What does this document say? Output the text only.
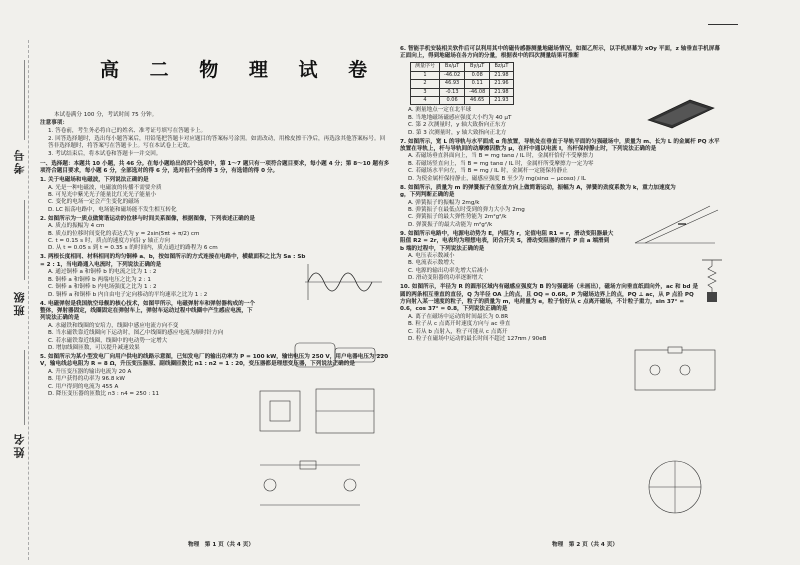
考号
班级
姓名
高 二 物 理 试 卷
本试卷满分 100 分，考试时间 75 分钟。
注意事项：
1. 答卷前，考生务必将自己的姓名、准考证号填写在答题卡上。
2. 回答选择题时，选出每小题答案后，用铅笔把答题卡对应题目的答案标号涂黑。如需改动，用橡皮擦干净后，再选涂其他答案标号。回答非选择题时，将答案写在答题卡上。写在本试卷上无效。
3. 考试结束后，将本试卷和答题卡一并交回。
一、选择题：本题共 10 小题，共 46 分。在每小题给出的四个选项中，第 1～7 题只有一项符合题目要求，每小题 4 分；第 8～10 题有多项符合题目要求，每小题 6 分，全部选对的得 6 分，选对但不全的得 3 分，有选错的得 0 分。
1. 关于电磁场和电磁波，下列说法正确的是
A. 光是一种电磁波，电磁波的传播不需要介质
B. 可见光中紫光光子能量比红光光子能量小
C. 变化的电场一定会产生变化的磁场
D. LC 振荡电路中，电场能和磁场能不发生相互转化
2. 如图所示为一质点做简谐运动的位移与时间关系图像，根据图像，下列表述正确的是
A. 质点的振幅为 4 cm
B. 质点的位移时间变化的表达式为 y = 2sin(5πt + π/2) cm
C. t = 0.15 s 时，质点的速度方向沿 y 轴正方向
D. 从 t = 0.05 s 到 t = 0.35 s 的时间内，质点通过的路程为 6 cm
3. 两根长度相同、材料相同的均匀铜棒 a、b，按如图所示的方式连接在电路中，横截面积之比为 Sa : Sb = 2 : 1，当电路通入电流时，下列说法正确的是
A. 通过铜棒 a 和铜棒 b 的电流之比为 1 : 2
B. 铜棒 a 和铜棒 b 两端电压之比为 2 : 1
C. 铜棒 a 和铜棒 b 内电场强度之比为 1 : 2
D. 铜棒 a 和铜棒 b 内自由电子定向移动的平均速率之比为 1 : 2
4. 电磁弹射是我国航空母舰的核心技术，如图甲所示，电磁弹射车和弹射器构成的一个整体，弹射器固定，线圈固定在弹射车上，弹射车运动过程中线圈中产生感应电流，下列说法正确的是
A. 水磁铁和线圈的安培力，线圈中感应电流方向不变
B. 当水磁铁靠近线圈向下运动时，图乙中线圈的感应电流为顺时针方向
C. 若水磁铁靠近线圈，线圈中的电动势一定增大
D. 增加线圈匝数，可以提升减速效果
5. 如图所示为某小型发电厂向用户供电的线路示意图，已知发电厂的输出功率为 P = 100 kW，输出电压为 250 V，用户电器电压为 220 V，输电线总电阻为 R = 8 Ω，升压变压器原、副线圈匝数比 n1 : n2 = 1 : 20，变压器都是理想变压器，下列说法正确的是
A. 升压变压器的输出电流为 20 A
B. 用户获得的功率为 96.8 kW
C. 用户得到的电流为 455 A
D. 降压变压器的匝数比 n3 : n4 = 250 : 11
6. 智能手机安装相关软件后可以利用其中的磁传感器测量地磁场情况，如图乙所示，以手机屏幕为 xOy 平面，z 轴垂直手机屏幕正面向上，得到地磁场在各方向的分量，根据表中的四次测量结果可推断
测量序号	Bx/μT	By/μT	Bz/μT
1	-46.02	0.08	21.98
2	46.93	0.11	21.96
3	-0.13	-46.08	21.98
4	0.06	46.65	21.93
A. 测量地点一定在北半球
B. 当地地磁场磁感应强度大小约为 40 μT
C. 第 2 次测量时，y 轴大致指向正东方
D. 第 3 次测量时，y 轴大致指向正北方
7. 如图所示，宽 L 的导轨与水平面成 α 角放置，导轨处在垂直于导轨平面的匀强磁场中，质量为 m、长为 L 的金属杆 PQ 水平放置在导轨上，杆与导轨间的动摩擦因数为 μ，在杆中通以电流 I，当杆保持静止时，下列说法正确的是
A. 若磁场垂直斜面向上，当 B = mg tanα / IL 时，金属杆恰好不受摩擦力
B. 若磁场竖直向上，当 B = mg tanα / IL 时，金属杆所受摩擦力一定为零
C. 若磁场水平向左，当 B = mg / IL 时，金属杆一定能保持静止
D. 为使金属杆保持静止，磁感应强度 B 至少为 mg(sinα − μcosα) / IL
8. 如图所示，质量为 m 的弹簧振子在竖直方向上做简谐运动，振幅为 A，弹簧的劲度系数为 k，重力加速度为 g，下列判断正确的是
A. 弹簧振子的振幅为 2mg/k
B. 弹簧振子在最低点时受到的弹力大小为 2mg
C. 弹簧振子的最大弹性势能为 2m²g²/k
D. 弹簧振子的最大动能为 m²g²/k
9. 如图所示电路中，电源电动势为 E，内阻为 r，定值电阻 R1 = r，滑动变阻器最大阻值 R2 = 2r，电表均为理想电表，闭合开关 S，滑动变阻器的滑片 P 由 a 端滑到 b 端的过程中，下列说法正确的是
A. 电压表示数减小
B. 电流表示数增大
C. 电源的输出功率先增大后减小
D. 滑动变阻器的功率逐渐增大
10. 如图所示，半径为 R 的圆形区域内有磁感应强度为 B 的匀强磁场（未画出），磁场方向垂直纸面向外，ac 和 bd 是圆的两条相互垂直的直径，Q 为半径 OA 上的点，且 OQ = 0.6R。P 为磁场边界上的点，PQ ⊥ ac，从 P 点沿 PQ 方向射入某一速度的粒子，粒子的质量为 m，电荷量为 e，粒子恰好从 c 点离开磁场，不计粒子重力，sin 37° = 0.6，cos 37° = 0.8，下列说法正确的是
A. 离子在磁场中运动的时间最长为 0.8R
B. 粒子从 c 点离开时速度方向与 ac 垂直
C. 若从 b 点射入，粒子可能从 c 点离开
D. 粒子在磁场中运动的最长时间不超过 127πm / 90eB
物理　第 1 页（共 4 页）	物理　第 2 页（共 4 页）
